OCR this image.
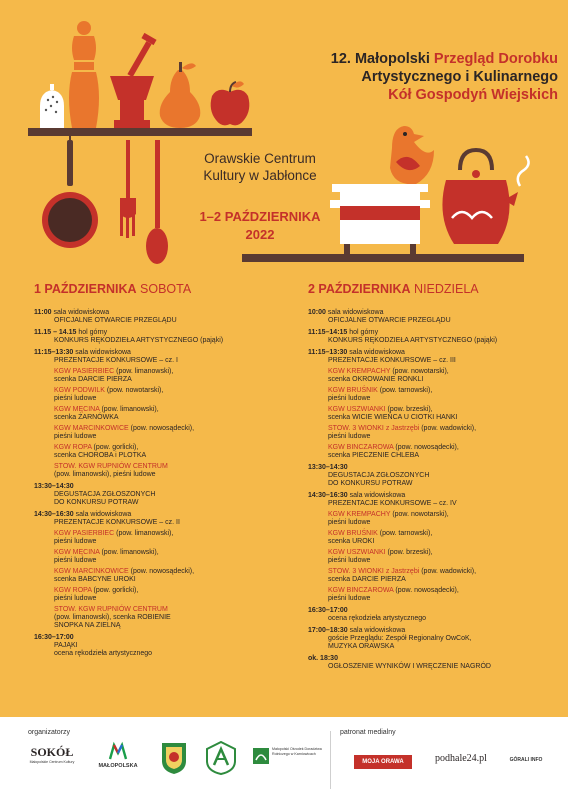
12. Małopolski Przegląd Dorobku
Artystycznego i Kulinarnego
Kół Gospodyń Wiejskich
Orawskie Centrum
Kultury w Jabłonce
1–2 PAŹDZIERNIKA
2022
1 PAŹDZIERNIKA SOBOTA
11:00 sala widowiskowa
OFICJALNE OTWARCIE PRZEGLĄDU
11.15 – 14.15 hol górny
KONKURS RĘKODZIEŁA ARTYSTYCZNEGO (pająki)
11:15–13:30 sala widowiskowa
PREZENTACJE KONKURSOWE – cz. I
KGW PASIERBIEC (pow. limanowski),
scenka DARCIE PIERZA
KGW PODWILK (pow. nowotarski),
pieśni ludowe
KGW MĘCINA (pow. limanowski),
scenka ŻARNÓWKA
KGW MARCINKOWICE (pow. nowosądecki),
pieśni ludowe
KGW ROPA (pow. gorlicki),
scenka CHOROBA i PLOTKA
STOW. KGW RUPNIÓW CENTRUM
(pow. limanowski), pieśni ludowe
13:30–14:30
DEGUSTACJA ZGŁOSZONYCH
DO KONKURSU POTRAW
14:30–16:30 sala widowiskowa
PREZENTACJE KONKURSOWE – cz. II
KGW PASIERBIEC (pow. limanowski),
pieśni ludowe
KGW MĘCINA (pow. limanowski),
pieśni ludowe
KGW MARCINKOWICE (pow. nowosądecki),
scenka BABCYNE UROKI
KGW ROPA (pow. gorlicki),
pieśni ludowe
STOW. KGW RUPNIÓW CENTRUM
(pow. limanowski), scenka ROBIENIE
SNOPKA NA ZIELNĄ
16:30–17:00
PAJĄKI
ocena rękodzieła artystycznego
2 PAŹDZIERNIKA NIEDZIELA
10:00 sala widowiskowa
OFICJALNE OTWARCIE PRZEGLĄDU
11:15–14:15 hol górny
KONKURS RĘKODZIEŁA ARTYSTYCZNEGO (pająki)
11:15–13:30 sala widowiskowa
PREZENTACJE KONKURSOWE – cz. III
KGW KREMPACHY (pow. nowotarski),
scenka OKROWANIE RONKLI
KGW BRUŚNIK (pow. tarnowski),
pieśni ludowe
KGW USZWIANKI (pow. brzeski),
scenka WICIE WIEŃCA U CIOTKI HANKI
STOW. 3 WIONKI z Jastrzębi (pow. wadowicki),
pieśni ludowe
KGW BINCZAROWA (pow. nowosądecki),
scenka PIECZENIE CHLEBA
13:30–14:30
DEGUSTACJA ZGŁOSZONYCH
DO KONKURSU POTRAW
14:30–16:30 sala widowiskowa
PREZENTACJE KONKURSOWE – cz. IV
KGW KREMPACHY (pow. nowotarski),
pieśni ludowe
KGW BRUŚNIK (pow. tarnowski),
scenka UROKI
KGW USZWIANKI (pow. brzeski),
pieśni ludowe
STOW. 3 WIONKI z Jastrzębi (pow. wadowicki),
scenka DARCIE PIERZA
KGW BINCZAROWA (pow. nowosądecki),
pieśni ludowe
16:30–17:00
ocena rękodzieła artystycznego
17:00–18:30 sala widowiskowa
goście Przeglądu: Zespół Regionalny OwCoK,
MUZYKA ORAWSKA
ok. 18:30
OGŁOSZENIE WYNIKÓW I WRĘCZENIE NAGRÓD
organizatorzy	patronat medialny
SOKÓŁ
Małopolskie Centrum Kultury
MAŁOPOLSKA
Małopolski Ośrodek Doradztwa Rolniczego w Karniowicach
MOJA ORAWA	podhale24.pl	GÓRALI INFO
